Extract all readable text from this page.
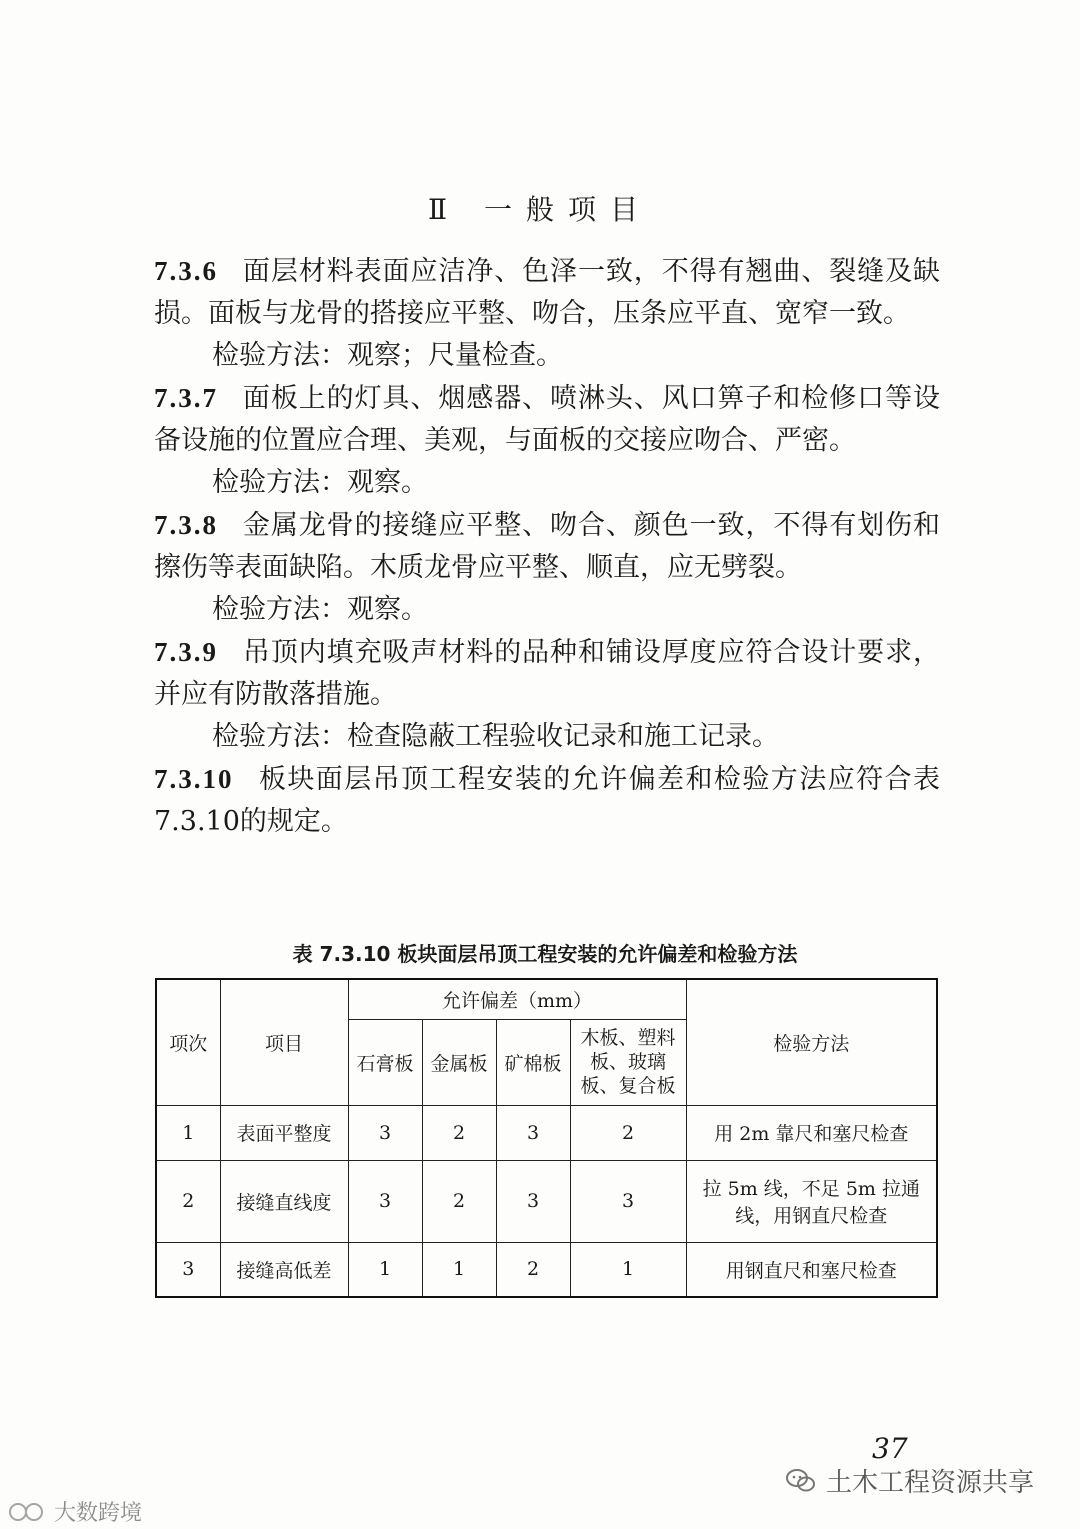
Ⅱ 一般项目

7.3.6 面层材料表面应洁净、色泽一致，不得有翘曲、裂缝及缺损。面板与龙骨的搭接应平整、吻合，压条应平直、宽窄一致。

检验方法：观察；尺量检查。

7.3.7 面板上的灯具、烟感器、喷淋头、风口箅子和检修口等设备设施的位置应合理、美观，与面板的交接应吻合、严密。

检验方法：观察。

7.3.8 金属龙骨的接缝应平整、吻合、颜色一致，不得有划伤和擦伤等表面缺陷。木质龙骨应平整、顺直，应无劈裂。

检验方法：观察。

7.3.9 吊顶内填充吸声材料的品种和铺设厚度应符合设计要求，并应有防散落措施。

检验方法：检查隐蔽工程验收记录和施工记录。

7.3.10 板块面层吊顶工程安装的允许偏差和检验方法应符合表7.3.10的规定。

表 7.3.10 板块面层吊顶工程安装的允许偏差和检验方法
项次	项目	允许偏差（mm）				检验方法
		石膏板	金属板	矿棉板	木板、塑料板、玻璃板、复合板	
1	表面平整度	3	2	3	2	用 2m 靠尺和塞尺检查
2	接缝直线度	3	2	3	3	拉 5m 线，不足 5m 拉通线，用钢直尺检查
3	接缝高低差	1	1	2	1	用钢直尺和塞尺检查
37
土木工程资源共享
大数跨境
